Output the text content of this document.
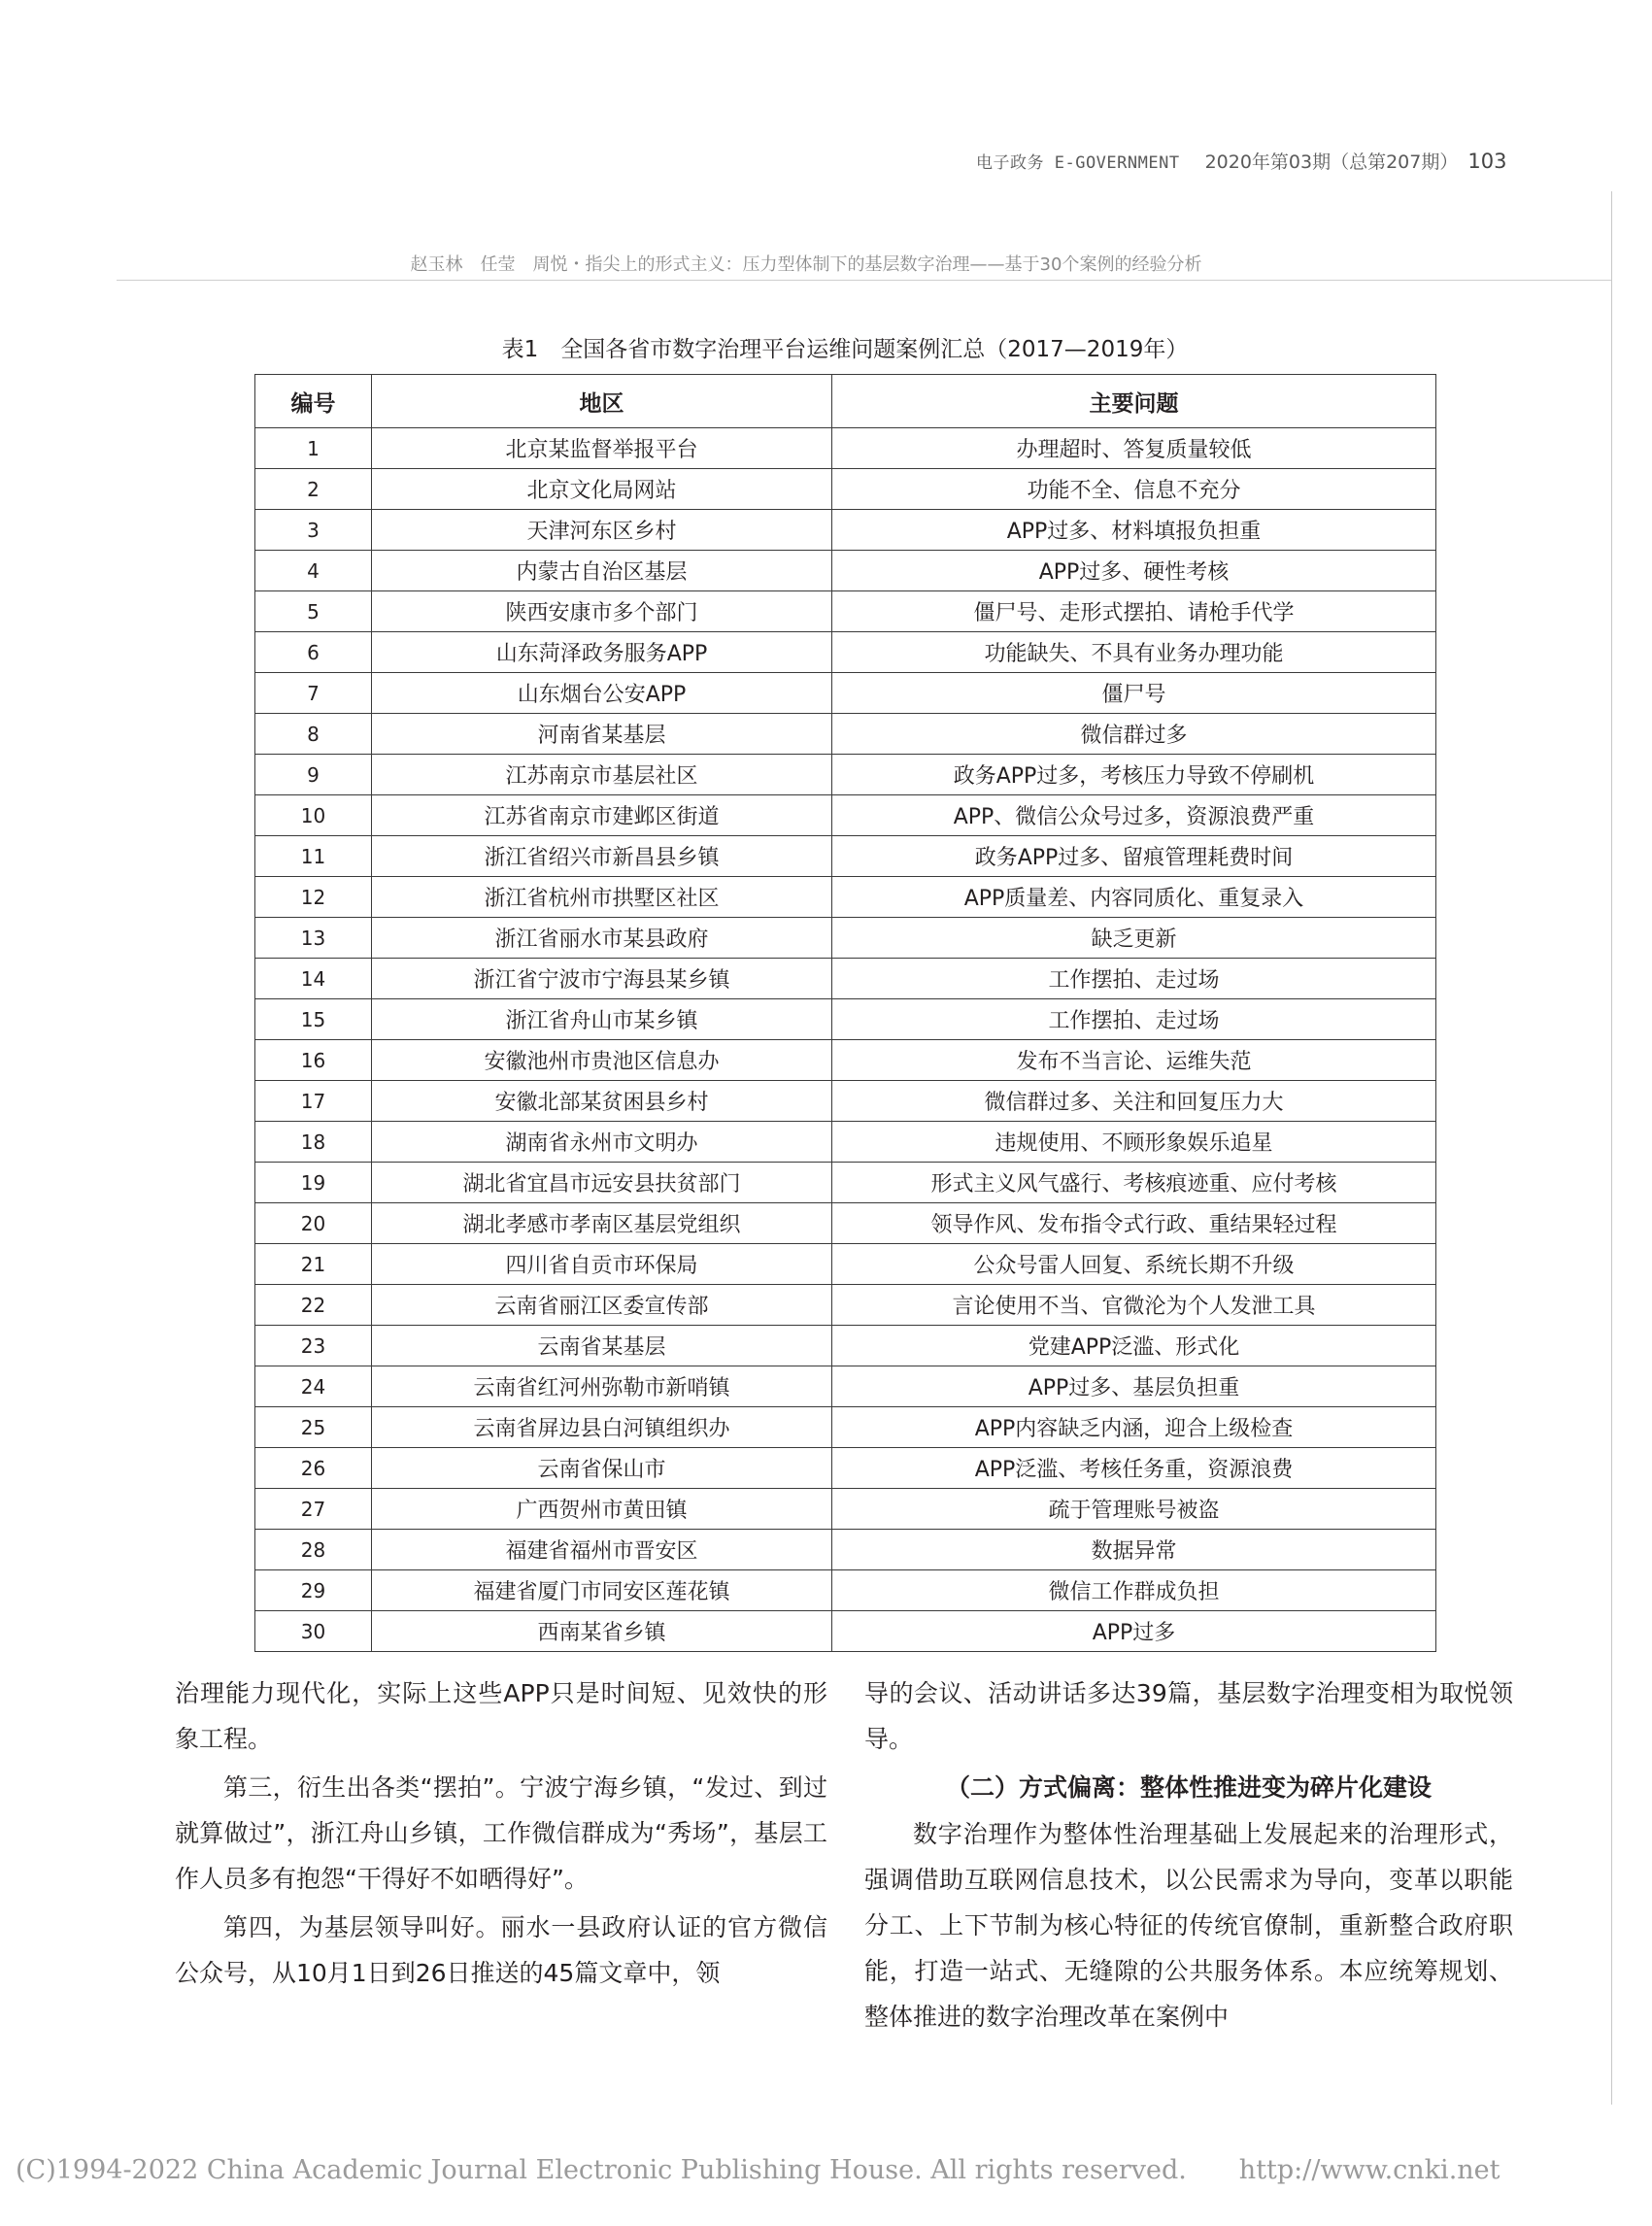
电子政务 E-GOVERNMENT 2020年第03期（总第207期） 103
赵玉林　任莹　周悦・指尖上的形式主义：压力型体制下的基层数字治理——基于30个案例的经验分析
表1　全国各省市数字治理平台运维问题案例汇总（2017—2019年）
编号	地区	主要问题
1	北京某监督举报平台	办理超时、答复质量较低
2	北京文化局网站	功能不全、信息不充分
3	天津河东区乡村	APP过多、材料填报负担重
4	内蒙古自治区基层	APP过多、硬性考核
5	陕西安康市多个部门	僵尸号、走形式摆拍、请枪手代学
6	山东菏泽政务服务APP	功能缺失、不具有业务办理功能
7	山东烟台公安APP	僵尸号
8	河南省某基层	微信群过多
9	江苏南京市基层社区	政务APP过多，考核压力导致不停刷机
10	江苏省南京市建邺区街道	APP、微信公众号过多，资源浪费严重
11	浙江省绍兴市新昌县乡镇	政务APP过多、留痕管理耗费时间
12	浙江省杭州市拱墅区社区	APP质量差、内容同质化、重复录入
13	浙江省丽水市某县政府	缺乏更新
14	浙江省宁波市宁海县某乡镇	工作摆拍、走过场
15	浙江省舟山市某乡镇	工作摆拍、走过场
16	安徽池州市贵池区信息办	发布不当言论、运维失范
17	安徽北部某贫困县乡村	微信群过多、关注和回复压力大
18	湖南省永州市文明办	违规使用、不顾形象娱乐追星
19	湖北省宜昌市远安县扶贫部门	形式主义风气盛行、考核痕迹重、应付考核
20	湖北孝感市孝南区基层党组织	领导作风、发布指令式行政、重结果轻过程
21	四川省自贡市环保局	公众号雷人回复、系统长期不升级
22	云南省丽江区委宣传部	言论使用不当、官微沦为个人发泄工具
23	云南省某基层	党建APP泛滥、形式化
24	云南省红河州弥勒市新哨镇	APP过多、基层负担重
25	云南省屏边县白河镇组织办	APP内容缺乏内涵，迎合上级检查
26	云南省保山市	APP泛滥、考核任务重，资源浪费
27	广西贺州市黄田镇	疏于管理账号被盗
28	福建省福州市晋安区	数据异常
29	福建省厦门市同安区莲花镇	微信工作群成负担
30	西南某省乡镇	APP过多

治理能力现代化，实际上这些APP只是时间短、见效快的形象工程。

第三，衍生出各类“摆拍”。宁波宁海乡镇，“发过、到过就算做过”，浙江舟山乡镇，工作微信群成为“秀场”，基层工作人员多有抱怨“干得好不如晒得好”。

第四，为基层领导叫好。丽水一县政府认证的官方微信公众号，从10月1日到26日推送的45篇文章中，领

导的会议、活动讲话多达39篇，基层数字治理变相为取悦领导。

（二）方式偏离：整体性推进变为碎片化建设

数字治理作为整体性治理基础上发展起来的治理形式，强调借助互联网信息技术，以公民需求为导向，变革以职能分工、上下节制为核心特征的传统官僚制，重新整合政府职能，打造一站式、无缝隙的公共服务体系。本应统筹规划、整体推进的数字治理改革在案例中

(C)1994-2022 China Academic Journal Electronic Publishing House. All rights reserved.　　http://www.cnki.net
